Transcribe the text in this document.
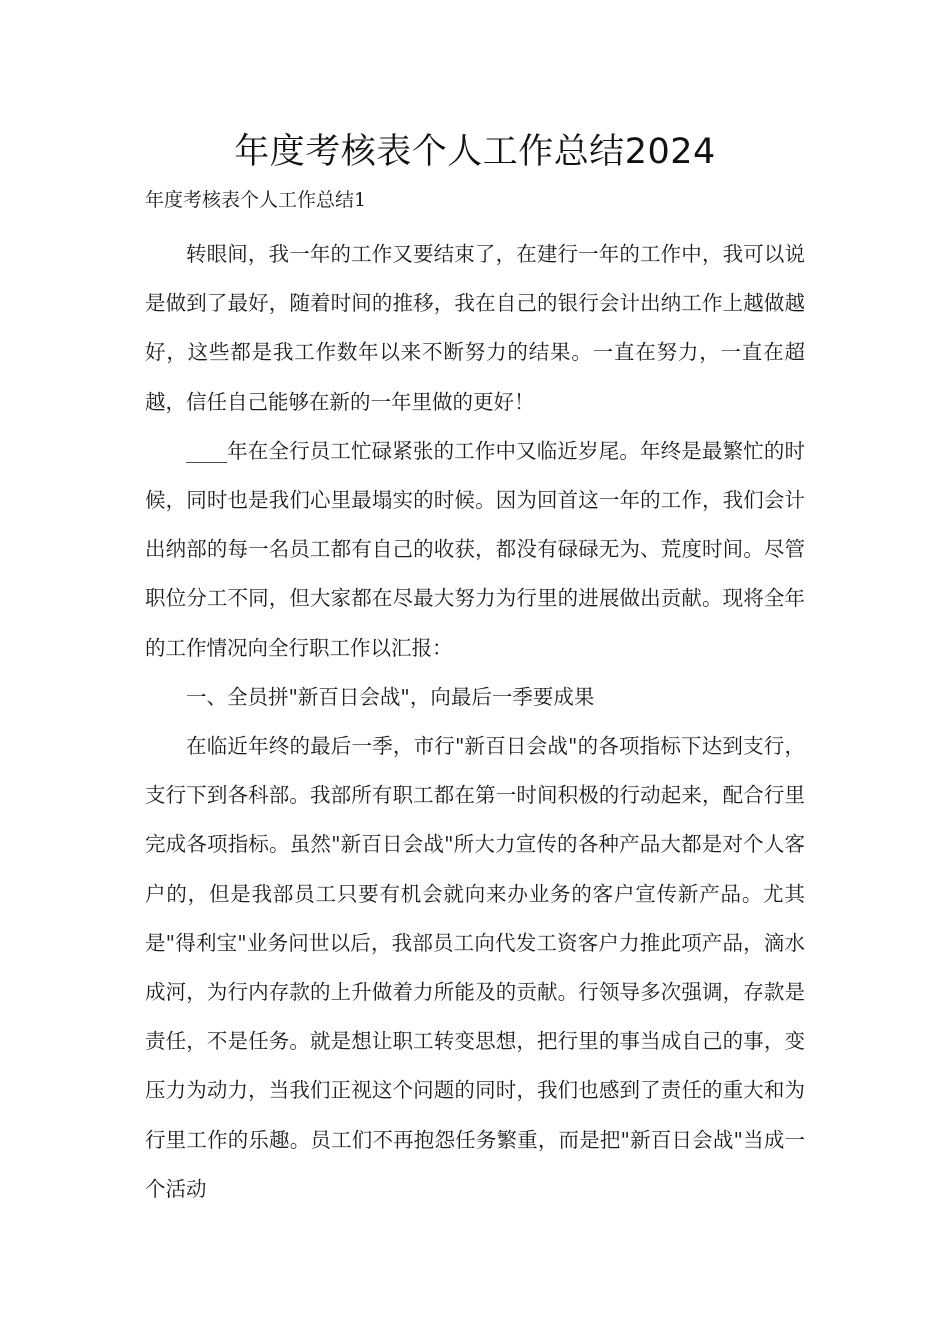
年度考核表个人工作总结2024
年度考核表个人工作总结1

转眼间，我一年的工作又要结束了，在建行一年的工作中，我可以说是做到了最好，随着时间的推移，我在自己的银行会计出纳工作上越做越好，这些都是我工作数年以来不断努力的结果。一直在努力，一直在超越，信任自己能够在新的一年里做的更好！

____年在全行员工忙碌紧张的工作中又临近岁尾。年终是最繁忙的时候，同时也是我们心里最塌实的时候。因为回首这一年的工作，我们会计出纳部的每一名员工都有自己的收获，都没有碌碌无为、荒度时间。尽管职位分工不同，但大家都在尽最大努力为行里的进展做出贡献。现将全年的工作情况向全行职工作以汇报：

一、全员拼"新百日会战"，向最后一季要成果

在临近年终的最后一季，市行"新百日会战"的各项指标下达到支行，支行下到各科部。我部所有职工都在第一时间积极的行动起来，配合行里完成各项指标。虽然"新百日会战"所大力宣传的各种产品大都是对个人客户的，但是我部员工只要有机会就向来办业务的客户宣传新产品。尤其是"得利宝"业务问世以后，我部员工向代发工资客户力推此项产品，滴水成河，为行内存款的上升做着力所能及的贡献。行领导多次强调，存款是责任，不是任务。就是想让职工转变思想，把行里的事当成自己的事，变压力为动力，当我们正视这个问题的同时，我们也感到了责任的重大和为行里工作的乐趣。员工们不再抱怨任务繁重，而是把"新百日会战"当成一个活动
